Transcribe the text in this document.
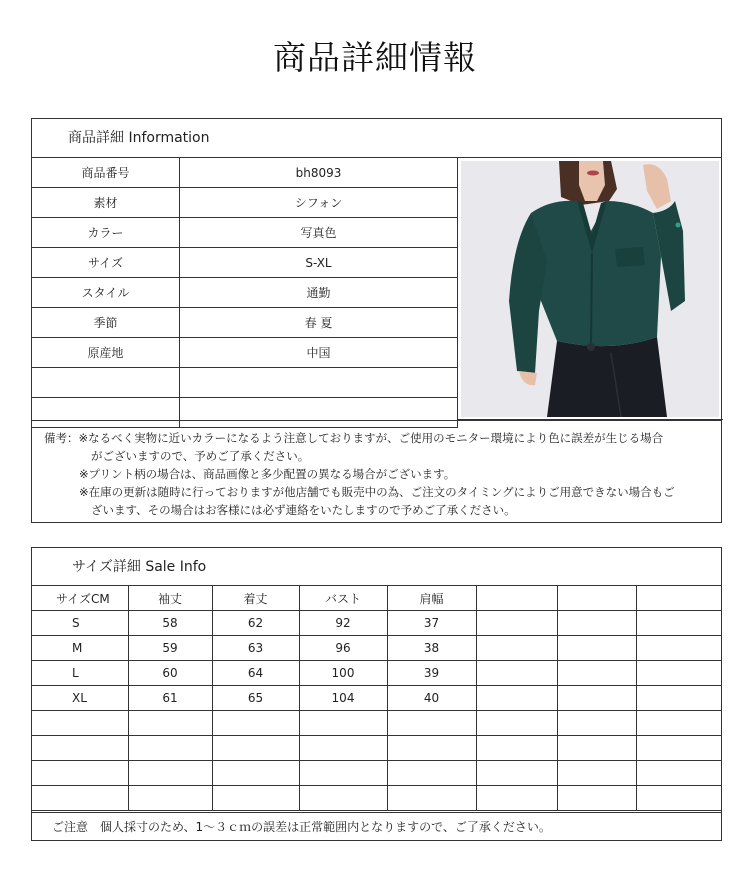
商品詳細情報
商品詳細 Information
商品番号	bh8093
素材	シフォン
カラー	写真色
サイズ	S-XL
スタイル	通勤
季節	春 夏
原産地	中国

備考：※なるべく実物に近いカラーになるよう注意しておりますが、ご使用のモニター環境により色に誤差が生じる場合
がございますので、予めご了承ください。
※プリント柄の場合は、商品画像と多少配置の異なる場合がございます。
※在庫の更新は随時に行っておりますが他店舗でも販売中の為、ご注文のタイミングによりご用意できない場合もご
ざいます、その場合はお客様には必ず連絡をいたしますので予めご了承ください。
サイズ詳細 Sale Info
サイズCM	袖丈	着丈	バスト	肩幅			
S	58	62	92	37			
M	59	63	96	38			
L	60	64	100	39			
XL	61	65	104	40			

ご注意　個人採寸のため、1～３ｃｍの誤差は正常範囲内となりますので、ご了承ください。
